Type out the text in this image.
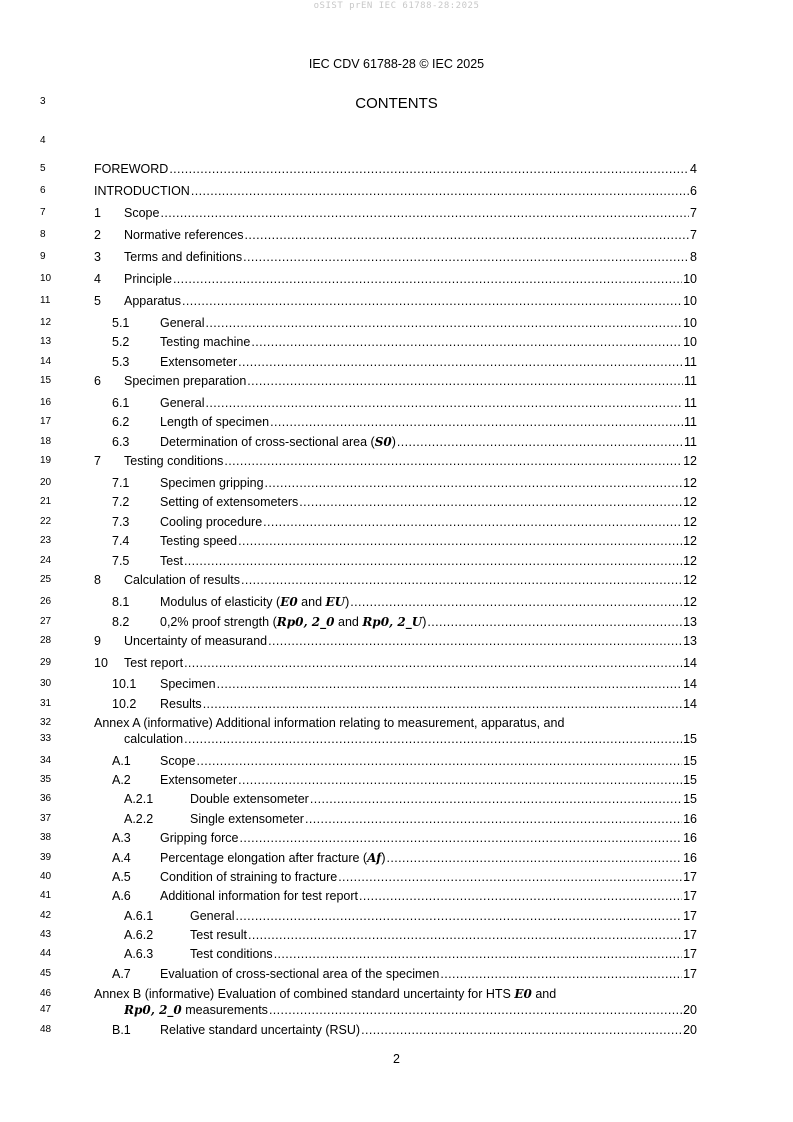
oSIST prEN IEC 61788-28:2025
IEC CDV 61788-28 © IEC 2025
CONTENTS
3
4
5
6
7
8
9
10
11
12
13
14
15
16
17
18
19
20
21
22
23
24
25
26
27
28
29
30
31
32
33
34
35
36
37
38
39
40
41
42
43
44
45
46
47
48
FOREWORD .....	4
INTRODUCTION .....	6
1 Scope .....	7
2 Normative references .....	7
3 Terms and definitions .....	8
4 Principle .....	10
5 Apparatus .....	10
5.1 General .....	10
5.2 Testing machine .....	10
5.3 Extensometer .....	11
6 Specimen preparation .....	11
6.1 General .....	11
6.2 Length of specimen .....	11
6.3 Determination of cross-sectional area (S0) .....	11
7 Testing conditions .....	12
7.1 Specimen gripping .....	12
7.2 Setting of extensometers .....	12
7.3 Cooling procedure .....	12
7.4 Testing speed .....	12
7.5 Test .....	12
8 Calculation of results .....	12
8.1 Modulus of elasticity (E0 and EU) .....	12
8.2 0,2% proof strength (Rp0, 2_0 and Rp0, 2_U) .....	13
9 Uncertainty of measurand .....	13
10 Test report .....	14
10.1 Specimen .....	14
10.2 Results .....	14
Annex A (informative) Additional information relating to measurement, apparatus, and
calculation .....	15
A.1 Scope .....	15
A.2 Extensometer .....	15
A.2.1	Double extensometer .....	15
A.2.2	Single extensometer .....	16
A.3 Gripping force .....	16
A.4 Percentage elongation after fracture (Af) .....	16
A.5 Condition of straining to fracture .....	17
A.6 Additional information for test report .....	17
A.6.1	General .....	17
A.6.2	Test result .....	17
A.6.3	Test conditions .....	17
A.7 Evaluation of cross-sectional area of the specimen .....	17
Annex B (informative) Evaluation of combined standard uncertainty for HTS E0 and
Rp0, 2_0 measurements .....	20
B.1 Relative standard uncertainty (RSU) .....	20
2
